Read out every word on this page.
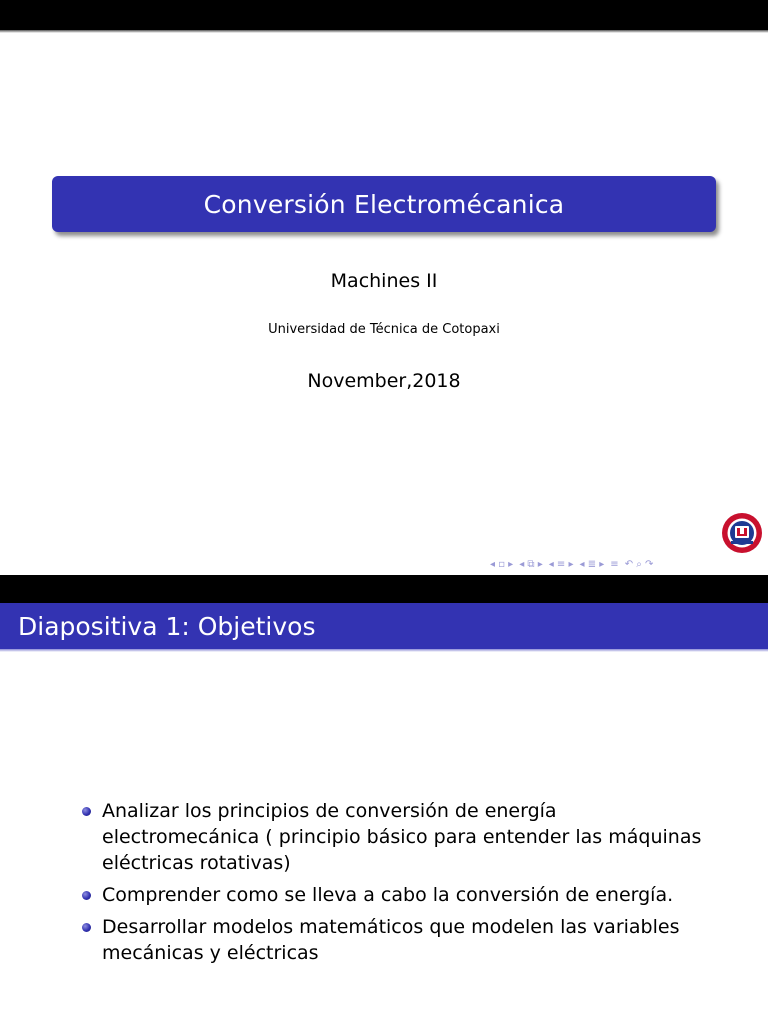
Conversión Electromécanica
Machines II
Universidad de Técnica de Cotopaxi
November,2018
◂ ▫ ▸ ◂ ⧉ ▸ ◂ ≡ ▸ ◂ ≣ ▸ ≡ ↶ ⌕ ↷
Diapositiva 1: Objetivos
Analizar los principios de conversión de energía electromecánica ( principio básico para entender las máquinas eléctricas rotativas)
Comprender como se lleva a cabo la conversión de energía.
Desarrollar modelos matemáticos que modelen las variables mecánicas y eléctricas
